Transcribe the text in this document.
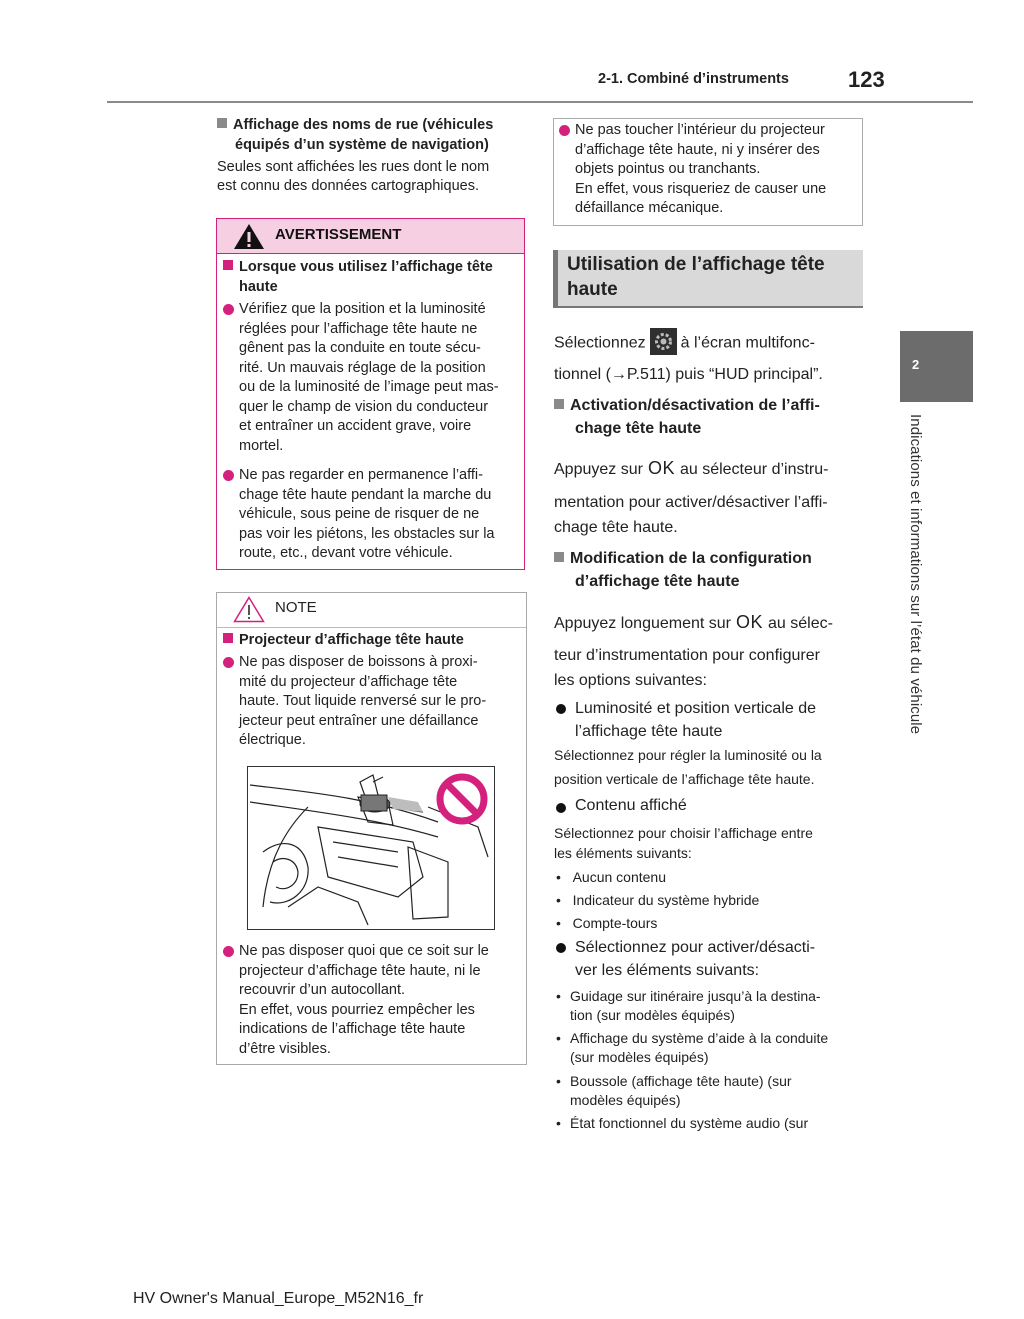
2-1. Combiné d’instruments	123
2
Indications et informations sur l’état du véhicule
Affichage des noms de rue (véhicules
équipés d’un système de navigation)
Seules sont affichées les rues dont le nom
est connu des données cartographiques.
AVERTISSEMENT
Lorsque vous utilisez l’affichage tête
haute
Vérifiez que la position et la luminosité
réglées pour l’affichage tête haute ne
gênent pas la conduite en toute sécu-
rité. Un mauvais réglage de la position
ou de la luminosité de l’image peut mas-
quer le champ de vision du conducteur
et entraîner un accident grave, voire
mortel.
Ne pas regarder en permanence l’affi-
chage tête haute pendant la marche du
véhicule, sous peine de risquer de ne
pas voir les piétons, les obstacles sur la
route, etc., devant votre véhicule.
NOTE
Projecteur d’affichage tête haute
Ne pas disposer de boissons à proxi-
mité du projecteur d’affichage tête
haute. Tout liquide renversé sur le pro-
jecteur peut entraîner une défaillance
électrique.
Ne pas disposer quoi que ce soit sur le
projecteur d’affichage tête haute, ni le
recouvrir d’un autocollant.
En effet, vous pourriez empêcher les
indications de l’affichage tête haute
d’être visibles.
Ne pas toucher l’intérieur du projecteur
d’affichage tête haute, ni y insérer des
objets pointus ou tranchants.
En effet, vous risqueriez de causer une
défaillance mécanique.
Utilisation de l’affichage tête
haute
Sélectionnez à l’écran multifonc-
tionnel (→P.511) puis “HUD principal”.
Activation/désactivation de l’affi-
chage tête haute
Appuyez sur OK au sélecteur d’instru-
mentation pour activer/désactiver l’affi-
chage tête haute.
Modification de la configuration
d’affichage tête haute
Appuyez longuement sur OK au sélec-
teur d’instrumentation pour configurer
les options suivantes:
Luminosité et position verticale de
l’affichage tête haute
Sélectionnez pour régler la luminosité ou la
position verticale de l’affichage tête haute.
Contenu affiché
Sélectionnez pour choisir l’affichage entre
les éléments suivants:
•   Aucun contenu
•   Indicateur du système hybride
•   Compte-tours
Sélectionnez pour activer/désacti-
ver les éléments suivants:
• Guidage sur itinéraire jusqu’à la destina-
tion (sur modèles équipés)
• Affichage du système d’aide à la conduite
(sur modèles équipés)
• Boussole (affichage tête haute) (sur
modèles équipés)
• État fonctionnel du système audio (sur
HV Owner's Manual_Europe_M52N16_fr
